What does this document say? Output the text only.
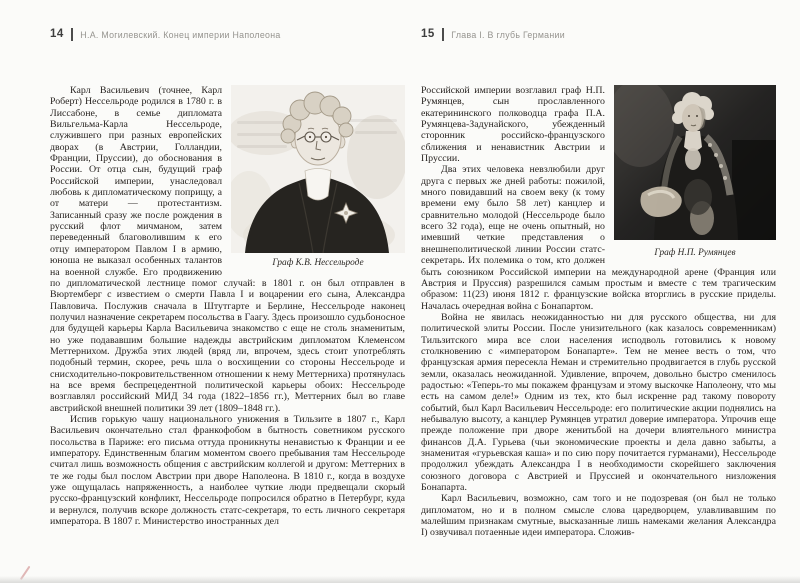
14 Н.А. Могилевский. Конец империи Наполеона
Граф К.В. Нессельроде

Карл Васильевич (точнее, Карл Роберт) Нессельроде родился в 1780 г. в Лиссабоне, в семье дипломата Вильгельма-Карла Нессельроде, служившего при разных европейских дворах (в Австрии, Голландии, Франции, Пруссии), до обоснования в России. От отца сын, будущий граф Российской империи, унаследовал любовь к дипломатическому поприщу, а от матери — протестантизм. Записанный сразу же после рождения в русский флот мичманом, затем переведенный благоволившим к его отцу императором Павлом I в армию, юноша не выказал особенных талантов на военной службе. Его продвижению по дипломатической лестнице помог случай: в 1801 г. он был отправлен в Вюртемберг с известием о смерти Павла I и воцарении его сына, Александра Павловича. Послужив сначала в Штутгарте и Берлине, Нессельроде наконец получил назначение секретарем посольства в Гаагу. Здесь произошло судьбоносное для будущей карьеры Карла Васильевича знакомство с еще не столь знаменитым, но уже подававшим большие надежды австрийским дипломатом Клеменсом Меттернихом. Дружба этих людей (вряд ли, впрочем, здесь стоит употреблять подобный термин, скорее, речь шла о восхищении со стороны Нессельроде и снисходительно-покровительственном отношении к нему Меттерниха) протянулась на все время беспрецедентной политической карьеры обоих: Нессельроде возглавлял российский МИД 34 года (1822–1856 гг.), Меттерних был во главе австрийской внешней политики 39 лет (1809–1848 гг.).

Испив горькую чашу национального унижения в Тильзите в 1807 г., Карл Васильевич окончательно стал франкофобом в бытность советником русского посольства в Париже: его письма оттуда проникнуты ненавистью к Франции и ее императору. Единственным благим моментом своего пребывания там Нессельроде считал лишь возможность общения с австрийским коллегой и другом: Меттерних в те же годы был послом Австрии при дворе Наполеона. В 1810 г., когда в воздухе уже ощущалась напряженность, а наиболее чуткие люди предвещали скорый русско-французский конфликт, Нессельроде попросился обратно в Петербург, куда и вернулся, получив вскоре должность статс-секретаря, то есть личного секретаря императора. В 1807 г. Министерство иностранных дел

15 Глава I. В глубь Германии
Граф Н.П. Румянцев

Российской империи возглавил граф Н.П. Румянцев, сын прославленного екатерининского полководца графа П.А. Румянцева-Задунайского, убежденный сторонник российско-французского сближения и ненавистник Австрии и Пруссии.

Два этих человека невзлюбили друг друга с первых же дней работы: пожилой, много повидавший на своем веку (к тому времени ему было 58 лет) канцлер и сравнительно молодой (Нессельроде было всего 32 года), еще не очень опытный, но имевший четкие представления о внешнеполитической линии России статс-секретарь. Их полемика о том, кто должен быть союзником Российской империи на международной арене (Франция или Австрия и Пруссия) разрешился самым простым и вместе с тем трагическим образом: 11(23) июня 1812 г. французские войска вторглись в русские приделы. Началась очередная война с Бонапартом.

Война не явилась неожиданностью ни для русского общества, ни для политической элиты России. После унизительного (как казалось современникам) Тильзитского мира все слои населения исподволь готовились к новому столкновению с «императором Бонапарте». Тем не менее весть о том, что французская армия пересекла Неман и стремительно продвигается в глубь русской земли, оказалась неожиданной. Удивление, впрочем, довольно быстро сменилось радостью: «Теперь-то мы покажем французам и этому выскочке Наполеону, что мы есть на самом деле!» Одним из тех, кто был искренне рад такому повороту событий, был Карл Васильевич Нессельроде: его политические акции поднялись на небывалую высоту, а канцлер Румянцев утратил доверие императора. Упрочив еще прежде положение при дворе женитьбой на дочери влиятельного министра финансов Д.А. Гурьева (чьи экономические проекты и дела давно забыты, а знаменитая «гурьевская каша» и по сию пору почитается гурманами), Нессельроде продолжил убеждать Александра I в необходимости скорейшего заключения союзного договора с Австрией и Пруссией и окончательного низложения Бонапарта.

Карл Васильевич, возможно, сам того и не подозревая (он был не только дипломатом, но и в полном смысле слова царедворцем, улавливавшим по малейшим признакам смутные, высказанные лишь намеками желания Александра I) озвучивал потаенные идеи императора. Сложив-
